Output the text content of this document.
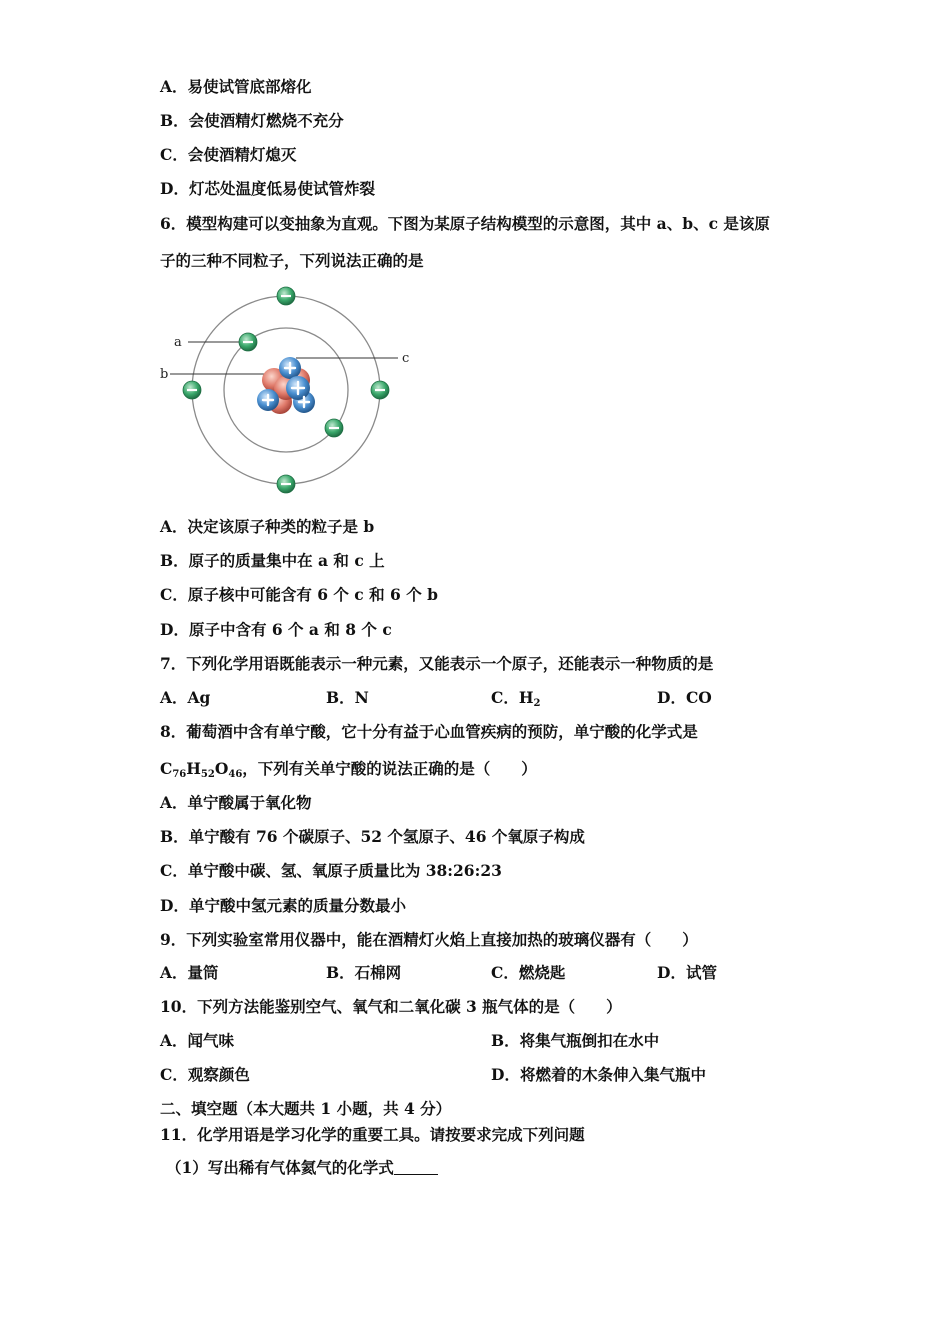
A．易使试管底部熔化
B．会使酒精灯燃烧不充分
C．会使酒精灯熄灭
D．灯芯处温度低易使试管炸裂
6．模型构建可以变抽象为直观。下图为某原子结构模型的示意图，其中 a、b、c 是该原
子的三种不同粒子，下列说法正确的是
a
b
c
A．决定该原子种类的粒子是 b
B．原子的质量集中在 a 和 c 上
C．原子核中可能含有 6 个 c 和 6 个 b
D．原子中含有 6 个 a 和 8 个 c
7．下列化学用语既能表示一种元素，又能表示一个原子，还能表示一种物质的是
A．Ag	B．N	C．$H_2$	D．CO
8．葡萄酒中含有单宁酸，它十分有益于心血管疾病的预防，单宁酸的化学式是
$C_{76}H_{52}O_{46}$，下列有关单宁酸的说法正确的是（　　）
A．单宁酸属于氧化物
B．单宁酸有 76 个碳原子、52 个氢原子、46 个氧原子构成
C．单宁酸中碳、氢、氧原子质量比为 38:26:23
D．单宁酸中氢元素的质量分数最小
9．下列实验室常用仪器中，能在酒精灯火焰上直接加热的玻璃仪器有（　　）
A．量筒	B．石棉网	C．燃烧匙	D．试管
10．下列方法能鉴别空气、氧气和二氧化碳 3 瓶气体的是（　　）
A．闻气味	B．将集气瓶倒扣在水中
C．观察颜色	D．将燃着的木条伸入集气瓶中
二、填空题（本大题共 1 小题，共 4 分）
11．化学用语是学习化学的重要工具。请按要求完成下列问题
（1）写出稀有气体氦气的化学式
